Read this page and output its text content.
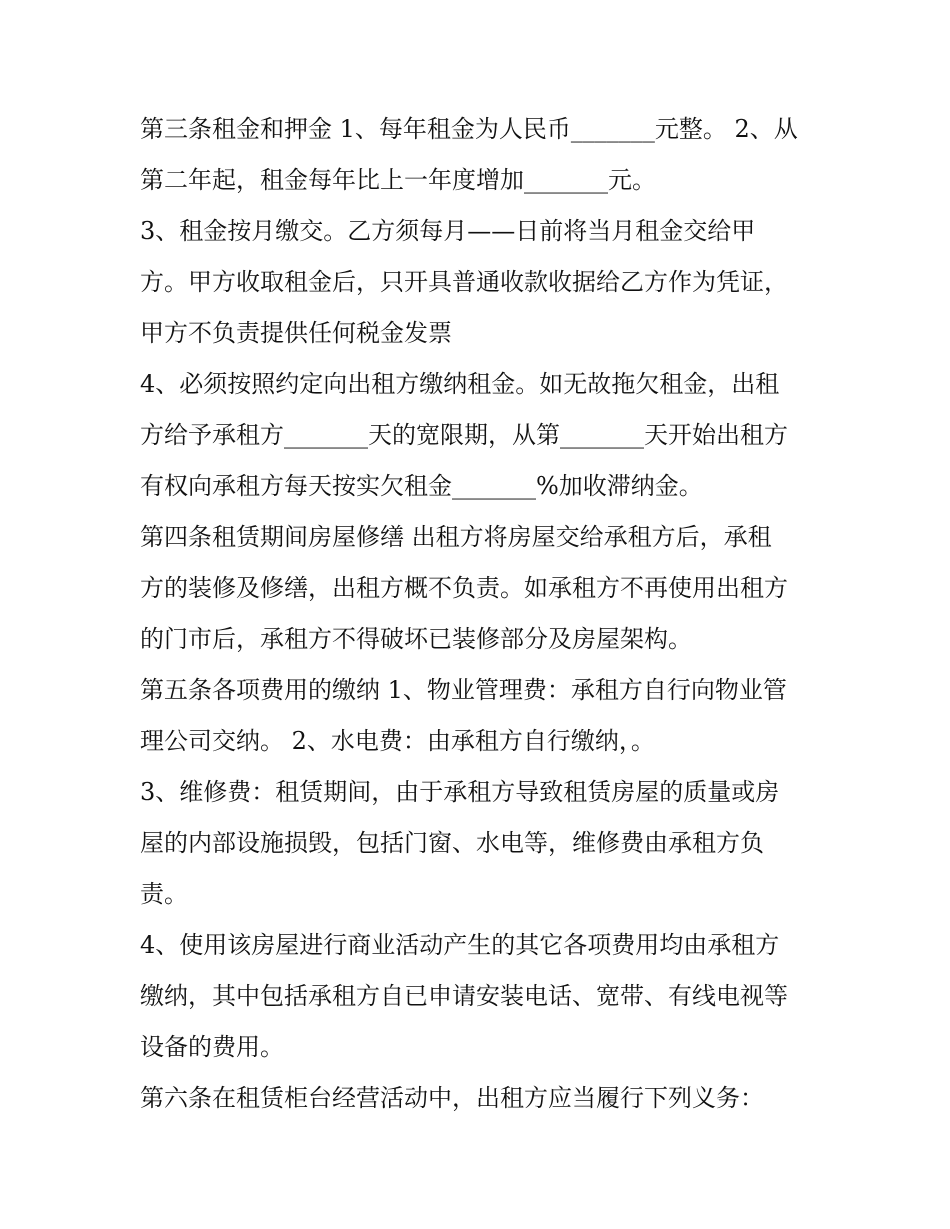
第三条租金和押金 1、每年租金为人民币_______元整。 2、从
第二年起，租金每年比上一年度增加_______元。
3、租金按月缴交。乙方须每月——日前将当月租金交给甲
方。甲方收取租金后，只开具普通收款收据给乙方作为凭证，
甲方不负责提供任何税金发票
4、必须按照约定向出租方缴纳租金。如无故拖欠租金，出租
方给予承租方_______天的宽限期，从第_______天开始出租方
有权向承租方每天按实欠租金_______%加收滞纳金。
第四条租赁期间房屋修缮 出租方将房屋交给承租方后，承租
方的装修及修缮，出租方概不负责。如承租方不再使用出租方
的门市后，承租方不得破坏已装修部分及房屋架构。
第五条各项费用的缴纳 1、物业管理费：承租方自行向物业管
理公司交纳。 2、水电费：由承租方自行缴纳，。
3、维修费：租赁期间，由于承租方导致租赁房屋的质量或房
屋的内部设施损毁，包括门窗、水电等，维修费由承租方负
责。
4、使用该房屋进行商业活动产生的其它各项费用均由承租方
缴纳，其中包括承租方自已申请安装电话、宽带、有线电视等
设备的费用。
第六条在租赁柜台经营活动中，出租方应当履行下列义务：
